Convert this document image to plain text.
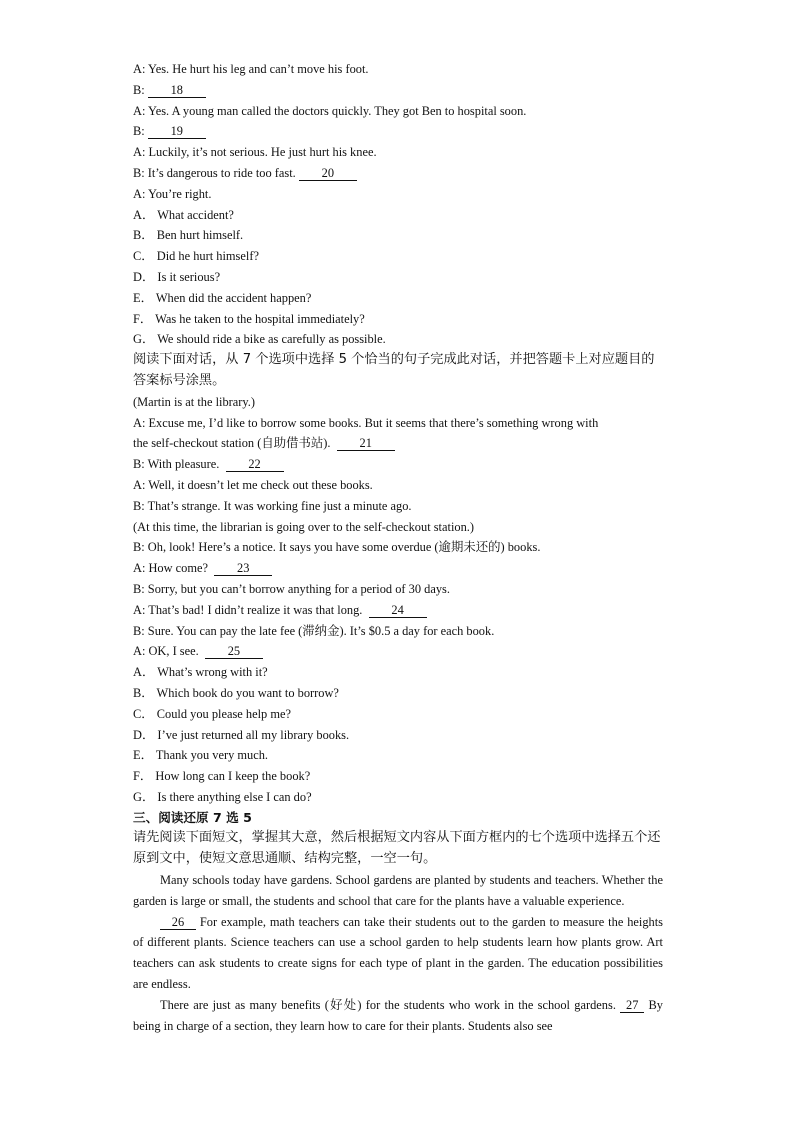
A: Yes. He hurt his leg and can’t move his foot.
B: 18
A: Yes. A young man called the doctors quickly. They got Ben to hospital soon.
B: 19
A: Luckily, it’s not serious. He just hurt his knee.
B: It’s dangerous to ride too fast. 20
A: You’re right.
A． What accident?
B． Ben hurt himself.
C． Did he hurt himself?
D． Is it serious?
E． When did the accident happen?
F． Was he taken to the hospital immediately?
G． We should ride a bike as carefully as possible.
阅读下面对话，从 7 个选项中选择 5 个恰当的句子完成此对话，并把答题卡上对应题目的答案标号涂黑。
(Martin is at the library.)
A: Excuse me, I’d like to borrow some books. But it seems that there’s something wrong with
the self-checkout station (自助借书站).  21
B: With pleasure.  22
A: Well, it doesn’t let me check out these books.
B: That’s strange. It was working fine just a minute ago.
(At this time, the librarian is going over to the self-checkout station.)
B: Oh, look! Here’s a notice. It says you have some overdue (逾期未还的) books.
A: How come?  23
B: Sorry, but you can’t borrow anything for a period of 30 days.
A: That’s bad! I didn’t realize it was that long.  24
B: Sure. You can pay the late fee (滞纳金). It’s $0.5 a day for each book.
A: OK, I see.  25
A． What’s wrong with it?
B． Which book do you want to borrow?
C． Could you please help me?
D． I’ve just returned all my library books.
E． Thank you very much.
F． How long can I keep the book?
G． Is there anything else I can do?
三、阅读还原 7 选 5
请先阅读下面短文，掌握其大意，然后根据短文内容从下面方框内的七个选项中选择五个还原到文中，使短文意思通顺、结构完整，一空一句。
Many schools today have gardens. School gardens are planted by students and teachers. Whether the garden is large or small, the students and school that care for the plants have a valuable experience.
26 For example, math teachers can take their students out to the garden to measure the heights of different plants. Science teachers can use a school garden to help students learn how plants grow. Art teachers can ask students to create signs for each type of plant in the garden. The education possibilities are endless.
There are just as many benefits (好处) for the students who work in the school gardens. 27 By being in charge of a section, they learn how to care for their plants. Students also see
